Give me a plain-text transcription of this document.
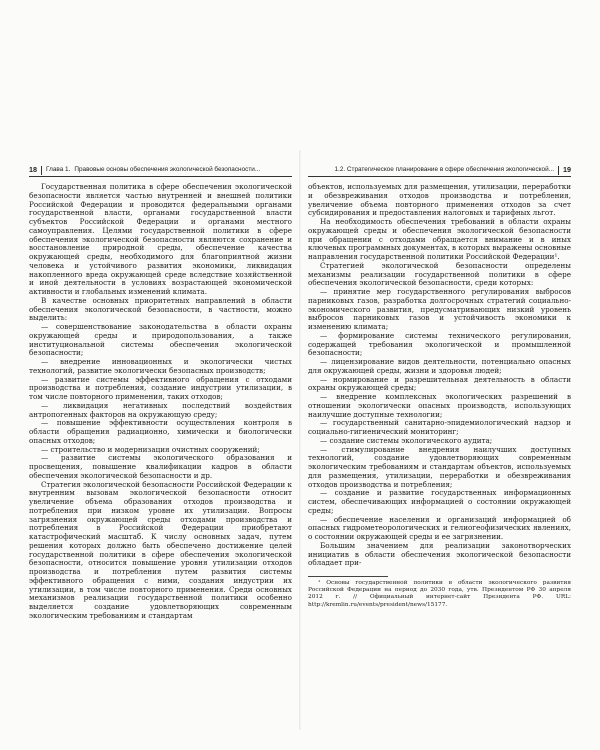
18 Глава 1. Правовые основы обеспечения экологической безопасности...

Государственная политика в сфере обеспечения экологической безопасности является частью внутренней и внешней политики Российской Федерации и проводится федеральными органами государственной власти, органами государственной власти субъектов Российской Федерации и органами местного самоуправления. Целями государственной политики в сфере обеспечения экологической безопасности являются сохранение и восстановление природной среды, обеспечение качества окружающей среды, необходимого для благоприятной жизни человека и устойчивого развития экономики, ликвидация накопленного вреда окружающей среде вследствие хозяйственной и иной деятельности в условиях возрастающей экономической активности и глобальных изменений климата.

В качестве основных приоритетных направлений в области обеспечения экологической безопасности, в частности, можно выделить:

— совершенствование законодательства в области охраны окружающей среды и природопользования, а также институциональной системы обеспечения экологической безопасности;

— внедрение инновационных и экологически чистых технологий, развитие экологически безопасных производств;

— развитие системы эффективного обращения с отходами производства и потребления, создание индустрии утилизации, в том числе повторного применения, таких отходов;

— ликвидация негативных последствий воздействия антропогенных факторов на окружающую среду;

— повышение эффективности осуществления контроля в области обращения радиационно, химически и биологически опасных отходов;

— строительство и модернизация очистных сооружений;

— развитие системы экологического образования и просвещения, повышение квалификации кадров в области обеспечения экологической безопасности и др.

Стратегия экологической безопасности Российской Федерации к внутренним вызовам экологической безопасности относит увеличение объема образования отходов производства и потребления при низком уровне их утилизации. Вопросы загрязнения окружающей среды отходами производства и потребления в Российской Федерации приобретают катастрофический масштаб. К числу основных задач, путем решения которых должно быть обеспечено достижение целей государственной политики в сфере обеспечения экологической безопасности, относится повышение уровня утилизации отходов производства и потребления путем развития системы эффективного обращения с ними, создания индустрии их утилизации, в том числе повторного применения. Среди основных механизмов реализации государственной политики особенно выделяется создание удовлетворяющих современным экологическим требованиям и стандартам

1.2. Стратегическое планирование в сфере обеспечения экологической... 19

объектов, используемых для размещения, утилизации, переработки и обезвреживания отходов производства и потребления, увеличение объема повторного применения отходов за счет субсидирования и предоставления налоговых и тарифных льгот.

На необходимость обеспечения требований в области охраны окружающей среды и обеспечения экологической безопасности при обращении с отходами обращается внимание и в иных ключевых программных документах, в которых выражены основные направления государственной политики Российской Федерации¹.

Стратегией экологической безопасности определены механизмы реализации государственной политики в сфере обеспечения экологической безопасности, среди которых:

— принятие мер государственного регулирования выбросов парниковых газов, разработка долгосрочных стратегий социально-экономического развития, предусматривающих низкий уровень выбросов парниковых газов и устойчивость экономики к изменению климата;

— формирование системы технического регулирования, содержащей требования экологической и промышленной безопасности;

— лицензирование видов деятельности, потенциально опасных для окружающей среды, жизни и здоровья людей;

— нормирование и разрешительная деятельность в области охраны окружающей среды;

— внедрение комплексных экологических разрешений в отношении экологически опасных производств, использующих наилучшие доступные технологии;

— государственный санитарно-эпидемиологический надзор и социально-гигиенический мониторинг;

— создание системы экологического аудита;

— стимулирование внедрения наилучших доступных технологий, создание удовлетворяющих современным экологическим требованиям и стандартам объектов, используемых для размещения, утилизации, переработки и обезвреживания отходов производства и потребления;

— создание и развитие государственных информационных систем, обеспечивающих информацией о состоянии окружающей среды;

— обеспечение населения и организаций информацией об опасных гидрометеорологических и гелиогеофизических явлениях, о состоянии окружающей среды и ее загрязнении.

Большим значением для реализации законотворческих инициатив в области обеспечения экологической безопасности обладает при-

¹ Основы государственной политики в области экологического развития Российской Федерации на период до 2030 года, утв. Президентом РФ 30 апреля 2012 г. // Официальный интернет-сайт Президента РФ. URL: http://kremlin.ru/events/president/news/15177.
